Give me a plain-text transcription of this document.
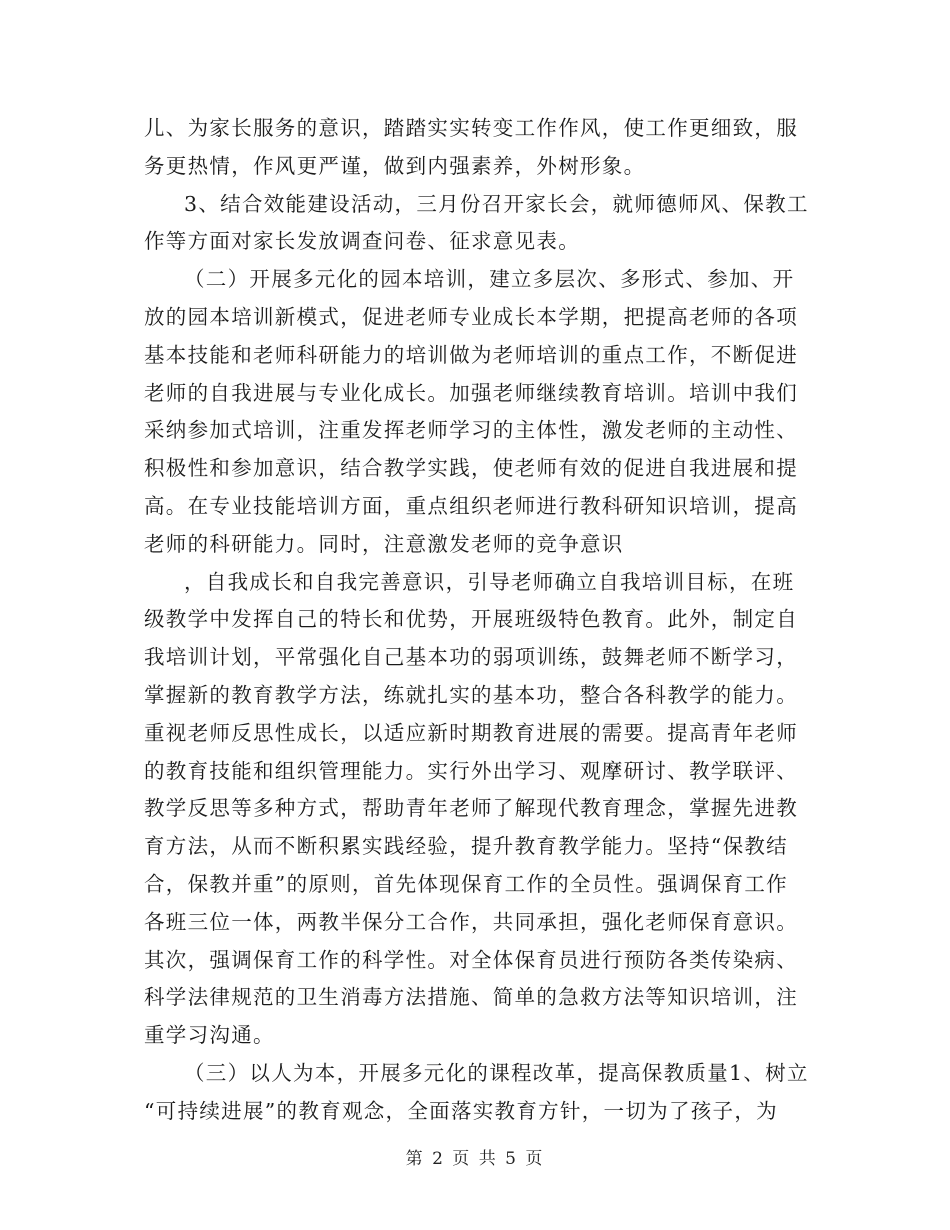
儿、为家长服务的意识，踏踏实实转变工作作风，使工作更细致，服
务更热情，作风更严谨，做到内强素养，外树形象。
3、结合效能建设活动，三月份召开家长会，就师德师风、保教工
作等方面对家长发放调查问卷、征求意见表。
（二）开展多元化的园本培训，建立多层次、多形式、参加、开
放的园本培训新模式，促进老师专业成长本学期，把提高老师的各项
基本技能和老师科研能力的培训做为老师培训的重点工作，不断促进
老师的自我进展与专业化成长。加强老师继续教育培训。培训中我们
采纳参加式培训，注重发挥老师学习的主体性，激发老师的主动性、
积极性和参加意识，结合教学实践，使老师有效的促进自我进展和提
高。在专业技能培训方面，重点组织老师进行教科研知识培训，提高
老师的科研能力。同时，注意激发老师的竞争意识
，自我成长和自我完善意识，引导老师确立自我培训目标，在班
级教学中发挥自己的特长和优势，开展班级特色教育。此外，制定自
我培训计划，平常强化自己基本功的弱项训练，鼓舞老师不断学习，
掌握新的教育教学方法，练就扎实的基本功，整合各科教学的能力。
重视老师反思性成长，以适应新时期教育进展的需要。提高青年老师
的教育技能和组织管理能力。实行外出学习、观摩研讨、教学联评、
教学反思等多种方式，帮助青年老师了解现代教育理念，掌握先进教
育方法，从而不断积累实践经验，提升教育教学能力。坚持“保教结
合，保教并重”的原则，首先体现保育工作的全员性。强调保育工作
各班三位一体，两教半保分工合作，共同承担，强化老师保育意识。
其次，强调保育工作的科学性。对全体保育员进行预防各类传染病、
科学法律规范的卫生消毒方法措施、简单的急救方法等知识培训，注
重学习沟通。
（三）以人为本，开展多元化的课程改革，提高保教质量1、树立
“可持续进展”的教育观念，全面落实教育方针，一切为了孩子，为
第 2 页 共 5 页
